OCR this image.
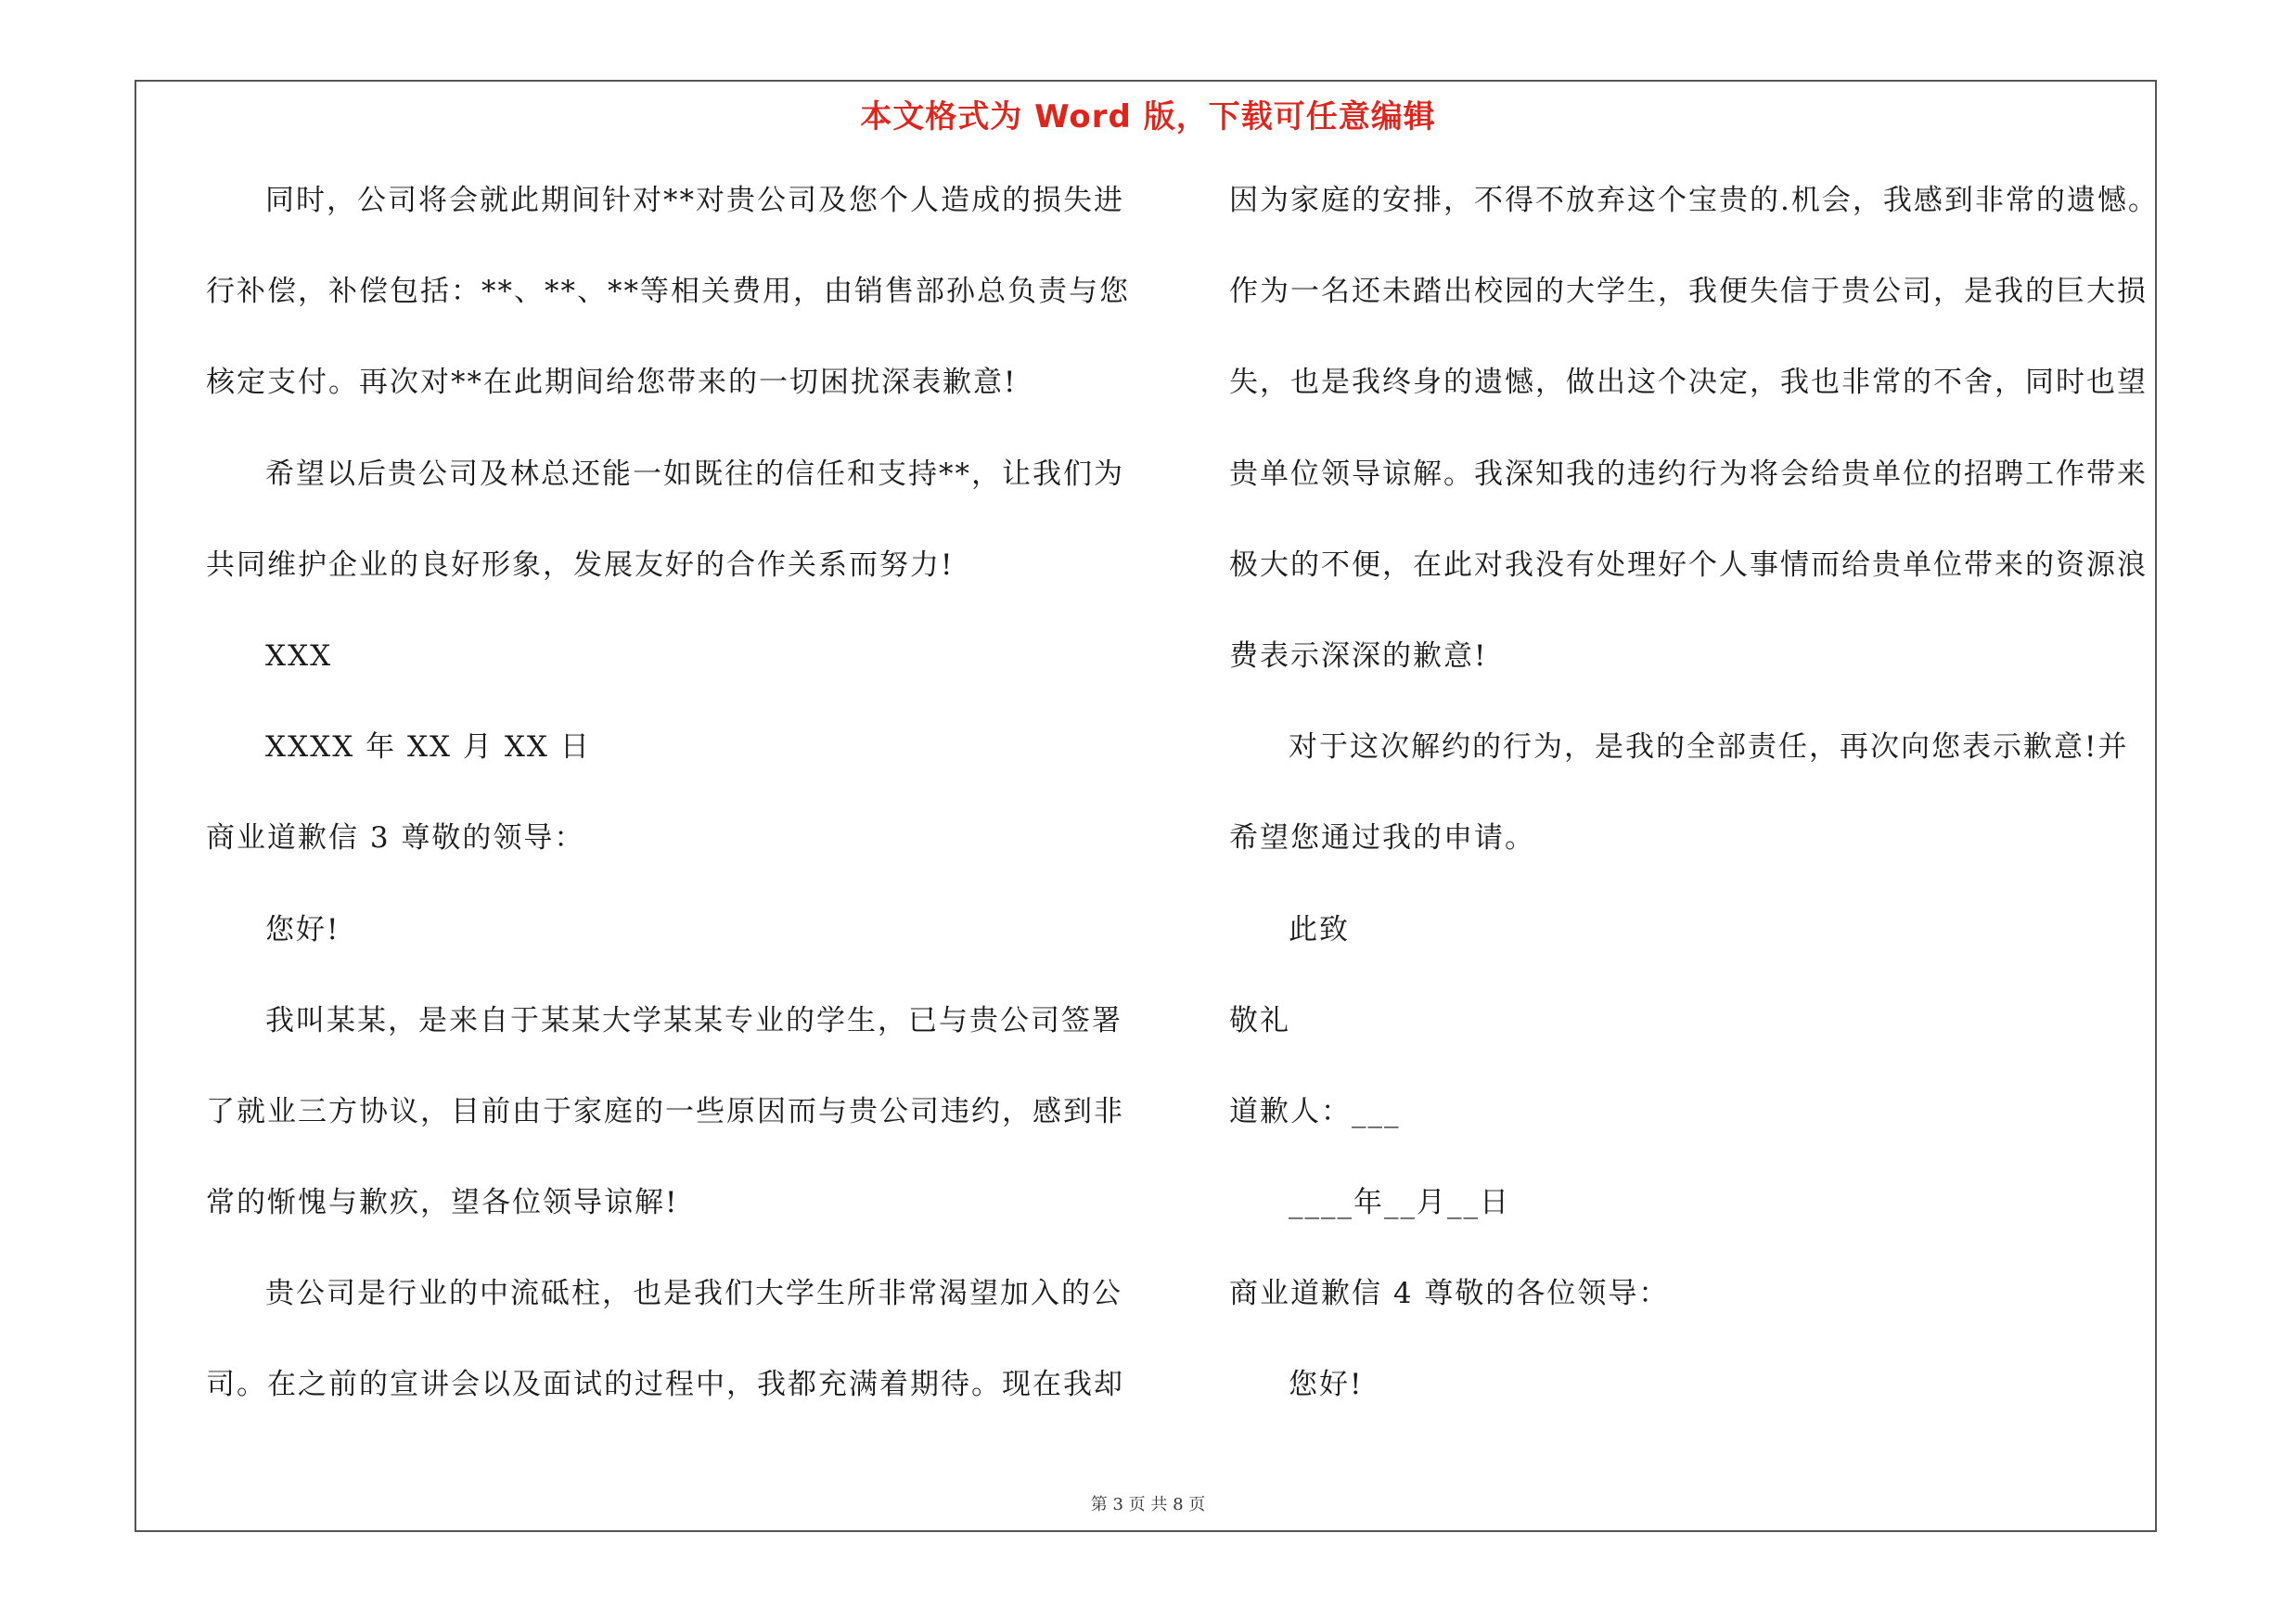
本文格式为 Word 版，下载可任意编辑
同时，公司将会就此期间针对**对贵公司及您个人造成的损失进
行补偿，补偿包括：**、**、**等相关费用，由销售部孙总负责与您
核定支付。再次对**在此期间给您带来的一切困扰深表歉意!
希望以后贵公司及林总还能一如既往的信任和支持**，让我们为
共同维护企业的良好形象，发展友好的合作关系而努力!
XXX
XXXX 年 XX 月 XX 日
商业道歉信 3 尊敬的领导：
您好!
我叫某某，是来自于某某大学某某专业的学生，已与贵公司签署
了就业三方协议，目前由于家庭的一些原因而与贵公司违约，感到非
常的惭愧与歉疚，望各位领导谅解!
贵公司是行业的中流砥柱，也是我们大学生所非常渴望加入的公
司。在之前的宣讲会以及面试的过程中，我都充满着期待。现在我却
因为家庭的安排，不得不放弃这个宝贵的.机会，我感到非常的遗憾。
作为一名还未踏出校园的大学生，我便失信于贵公司，是我的巨大损
失，也是我终身的遗憾，做出这个决定，我也非常的不舍，同时也望
贵单位领导谅解。我深知我的违约行为将会给贵单位的招聘工作带来
极大的不便，在此对我没有处理好个人事情而给贵单位带来的资源浪
费表示深深的歉意!
对于这次解约的行为，是我的全部责任，再次向您表示歉意!并
希望您通过我的申请。
此致
敬礼
道歉人：___
____年__月__日
商业道歉信 4 尊敬的各位领导：
您好!
第 3 页 共 8 页
